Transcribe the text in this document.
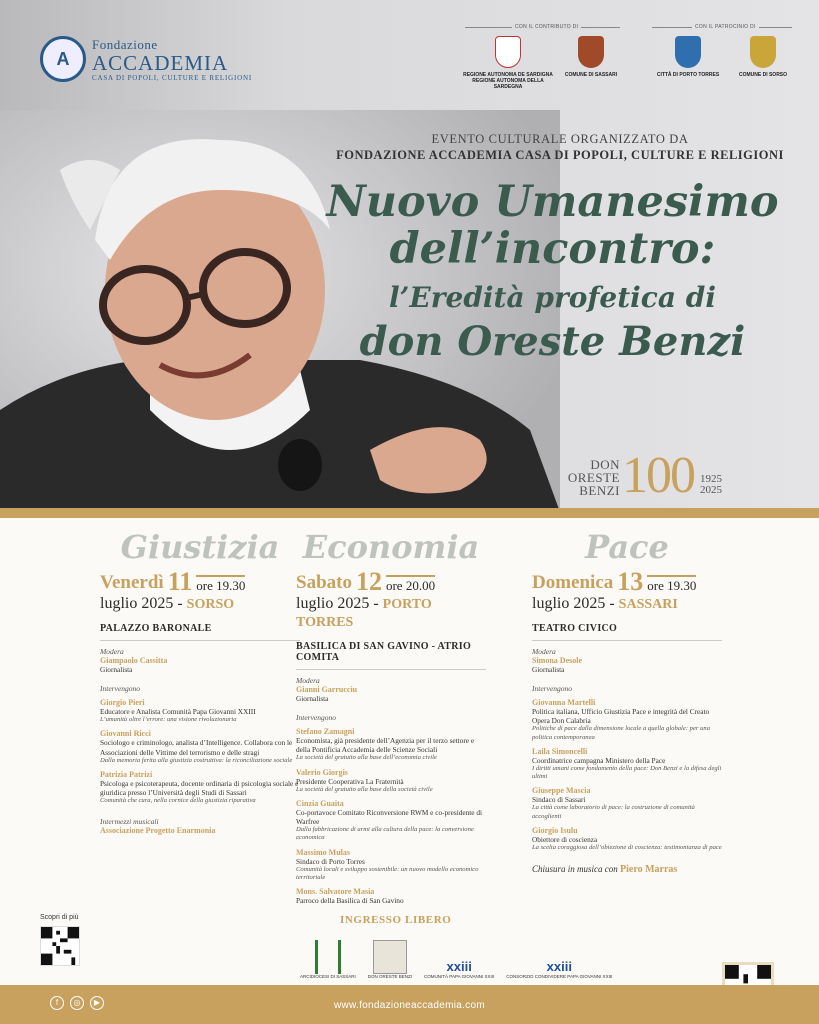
A
Fondazione
ACCADEMIA
CASA DI POPOLI, CULTURE E RELIGIONI
CON IL CONTRIBUTO DI	CON IL PATROCINIO DI
REGIONE AUTONOMA DE SARDIGNA
REGIONE AUTONOMA DELLA SARDEGNA
COMUNE DI SASSARI	CITTÀ DI PORTO TORRES	COMUNE DI SORSO
EVENTO CULTURALE ORGANIZZATO DA
FONDAZIONE ACCADEMIA CASA DI POPOLI, CULTURE E RELIGIONI
Nuovo Umanesimo
dell’incontro:
l’Eredità profetica di
don Oreste Benzi
DON
ORESTE
BENZI 100 1925
2025
Giustizia
Venerdì 11 ore 19.30
luglio 2025 - SORSO
PALAZZO BARONALE
Modera
Giampaolo Cassitta
Giornalista
Intervengono
Giorgio Pieri
Educatore e Analista Comunità Papa Giovanni XXIII
L’umanità oltre l’errore: una visione rivoluzionaria
Giovanni Ricci
Sociologo e criminologo, analista d’Intelligence. Collabora con le Associazioni delle Vittime del terrorismo e delle stragi
Dalla memoria ferita alla giustizia costruttiva: la riconciliazione sociale
Patrizia Patrizi
Psicologa e psicoterapeuta, docente ordinaria di psicologia sociale e giuridica presso l’Università degli Studi di Sassari
Comunità che cura, nella cornice della giustizia riparativa
Intermezzi musicali
Associazione Progetto Enarmonia
Economia
Sabato 12 ore 20.00
luglio 2025 - PORTO TORRES
BASILICA DI SAN GAVINO - ATRIO COMITA
Modera
Gianni Garrucciu
Giornalista
Intervengono
Stefano Zamagni
Economista, già presidente dell’Agenzia per il terzo settore e della Pontificia Accademia delle Scienze Sociali
La società del gratuito alla base dell’economia civile
Valerio Giorgis
Presidente Cooperativa La Fraternità
La società del gratuito alla base della società civile
Cinzia Guaita
Co-portavoce Comitato Riconversione RWM e co-presidente di Warfree
Dalla fabbricazione di armi alla cultura della pace: la conversione economica
Massimo Mulas
Sindaco di Porto Torres
Comunità locali e sviluppo sostenibile: un nuovo modello economico territoriale
Mons. Salvatore Masia
Parroco della Basilica di San Gavino
Pace
Domenica 13 ore 19.30
luglio 2025 - SASSARI
TEATRO CIVICO
Modera
Simona Desole
Giornalista
Intervengono
Giovanna Martelli
Politica italiana, Ufficio Giustizia Pace e integrità del Creato Opera Don Calabria
Politiche di pace dalla dimensione locale a quella globale: per una politica contemporanea
Laila Simoncelli
Coordinatrice campagna Ministero della Pace
I diritti umani come fondamento della pace: Don Benzi e la difesa degli ultimi
Giuseppe Mascia
Sindaco di Sassari
La città come laboratorio di pace: la costruzione di comunità accoglienti
Giorgio Isulu
Obiettore di coscienza
La scelta coraggiosa dell’obiezione di coscienza: testimonianza di pace
Chiusura in musica con Piero Marras
INGRESSO LIBERO
Scopri di più
ARCIDIOCESI DI SASSARI	DON ORESTE BENZI
xxiii
COMUNITÀ PAPA GIOVANNI XXIII
xxiii
CONSORZIO CONDIVIDERE PAPA GIOVANNI XXIII
f	◎	▶	www.fondazioneaccademia.com
